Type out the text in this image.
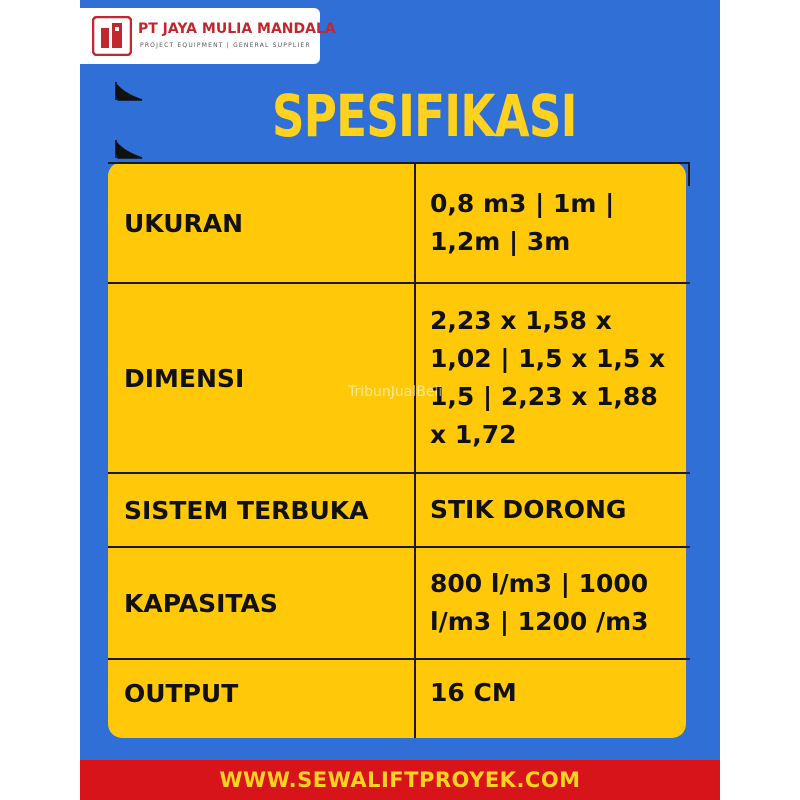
PT JAYA MULIA MANDALA
PROJECT EQUIPMENT | GENERAL SUPPLIER
SPESIFIKASI
UKURAN
0,8 m3 | 1m | 1,2m | 3m
DIMENSI
2,23 x 1,58 x 1,02 | 1,5 x 1,5 x 1,5 | 2,23 x 1,88 x 1,72
SISTEM TERBUKA	STIK DORONG
KAPASITAS
800 l/m3 | 1000 l/m3 | 1200 /m3
OUTPUT	16 CM
TribunJualBeli
WWW.SEWALIFTPROYEK.COM
